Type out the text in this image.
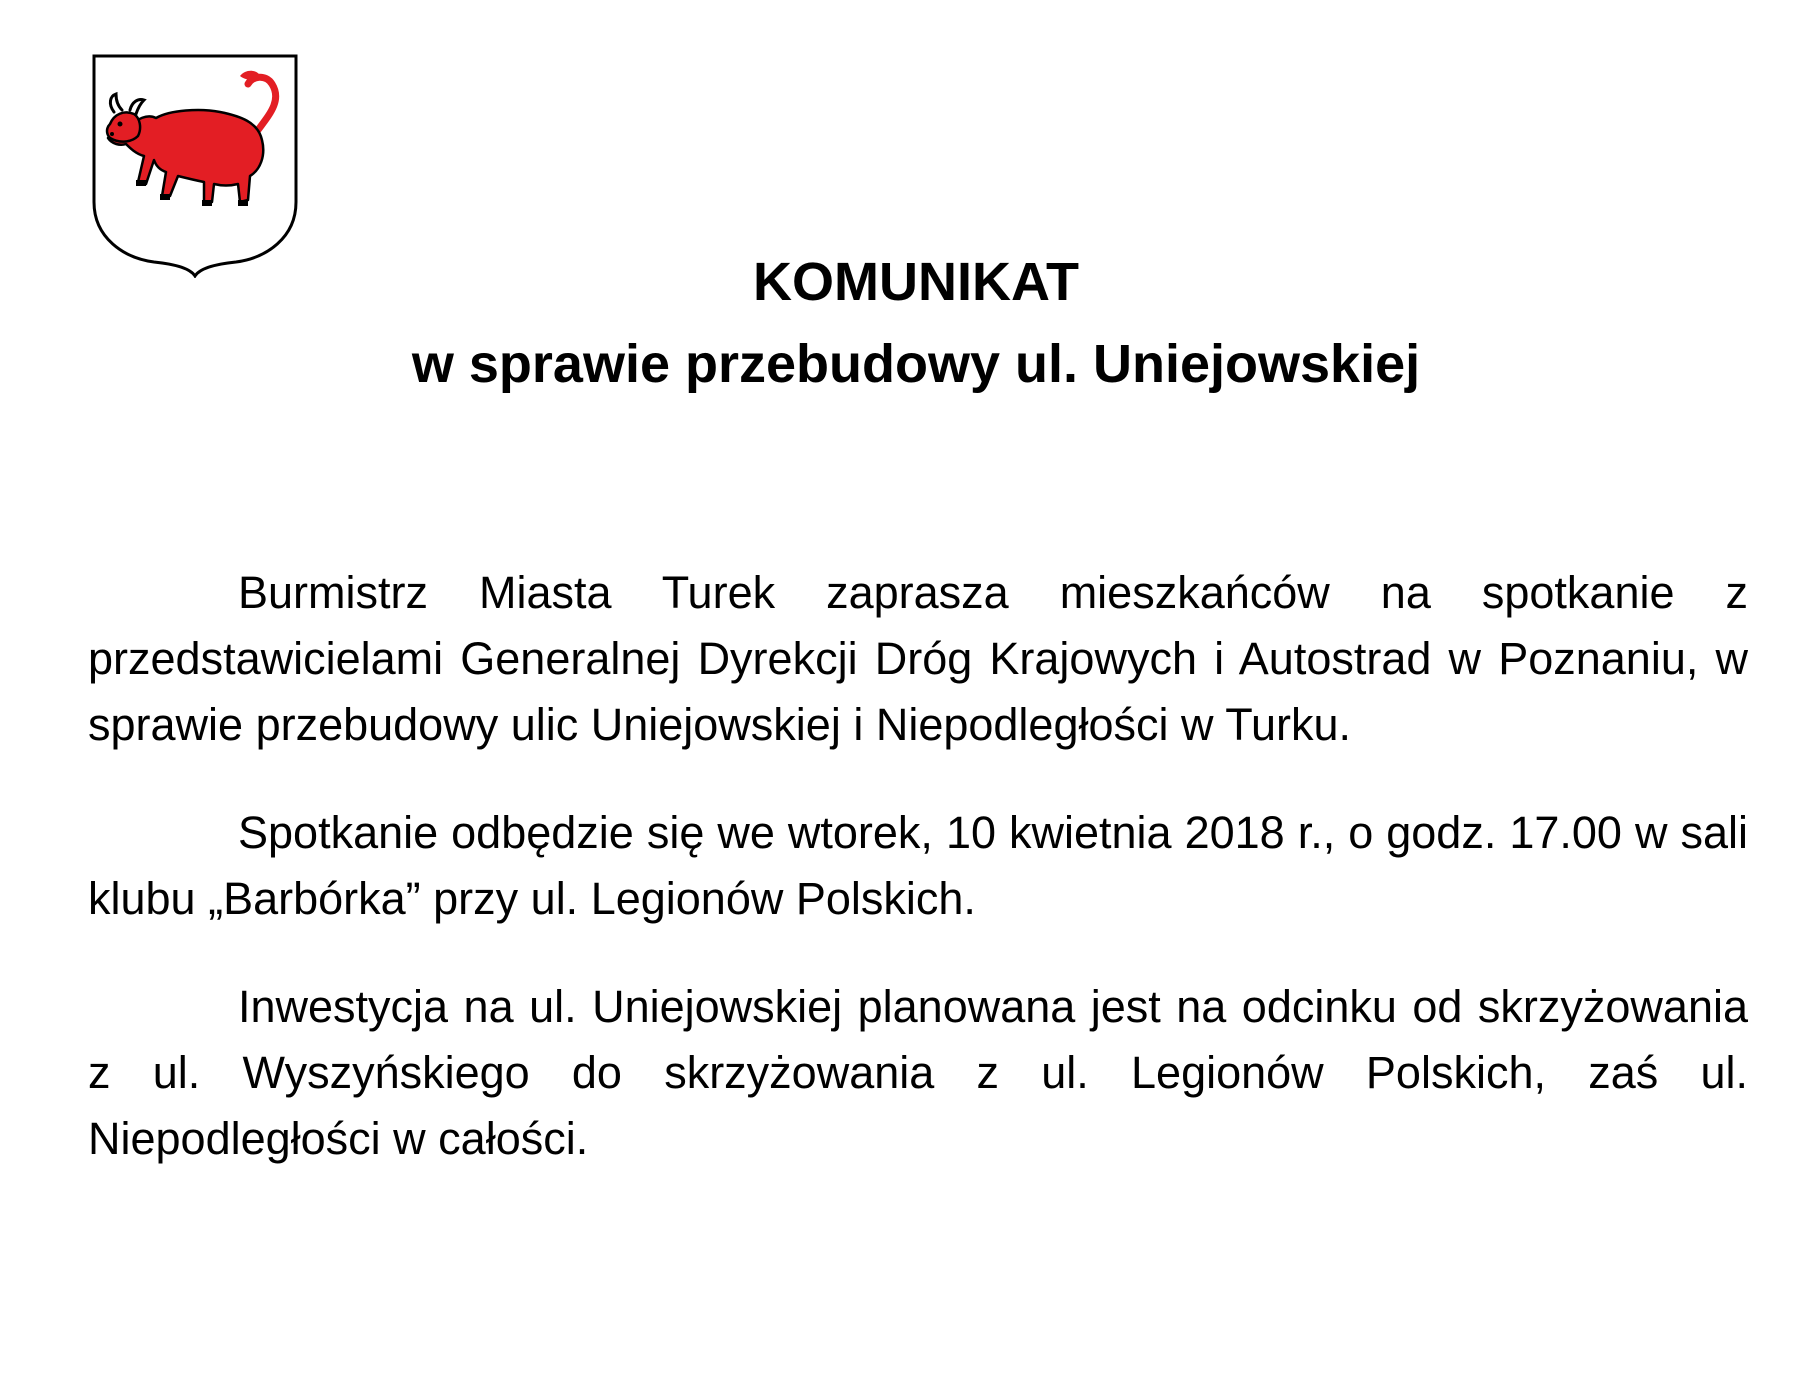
KOMUNIKAT

w sprawie przebudowy ul. Uniejowskiej

Burmistrz Miasta Turek zaprasza mieszkańców na spotkanie z przedstawicielami Generalnej Dyrekcji Dróg Krajowych i Autostrad w Poznaniu, w sprawie przebudowy ulic Uniejowskiej i Niepodległości w Turku.

Spotkanie odbędzie się we wtorek, 10 kwietnia 2018 r., o godz. 17.00 w sali klubu „Barbórka” przy ul. Legionów Polskich.

Inwestycja na ul. Uniejowskiej planowana jest na odcinku od skrzyżowania z ul. Wyszyńskiego do skrzyżowania z ul. Legionów Polskich, zaś ul. Niepodległości w całości.
